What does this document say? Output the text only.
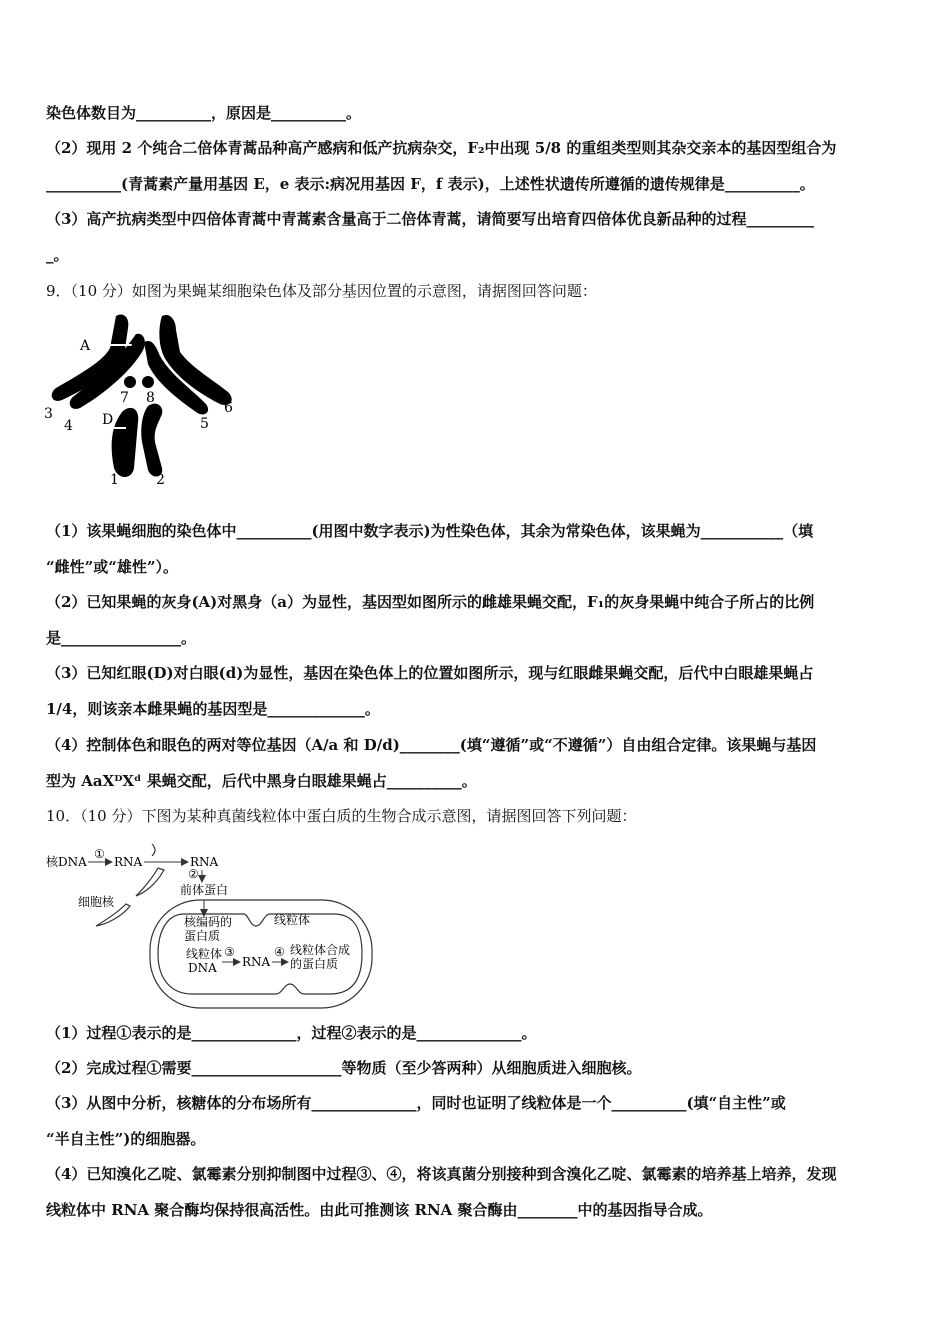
染色体数目为__________，原因是__________。
（2）现用 2 个纯合二倍体青蒿品种高产感病和低产抗病杂交，F₂中出现 5/8 的重组类型则其杂交亲本的基因型组合为
__________(青蒿素产量用基因 E，e 表示:病况用基因 F，f 表示)，上述性状遗传所遵循的遗传规律是__________。
（3）高产抗病类型中四倍体青蒿中青蒿素含量高于二倍体青蒿，请简要写出培育四倍体优良新品种的过程_________
_。
9．（10 分）如图为果蝇某细胞染色体及部分基因位置的示意图，请据图回答问题：
A	a
D
1	2
3
4	5
6
7 8
（1）该果蝇细胞的染色体中__________(用图中数字表示)为性染色体，其余为常染色体，该果蝇为___________（填
“雌性”或“雄性”）。
（2）已知果蝇的灰身(A)对黑身（a）为显性，基因型如图所示的雌雄果蝇交配，F₁的灰身果蝇中纯合子所占的比例
是________________。
（3）已知红眼(D)对白眼(d)为显性，基因在染色体上的位置如图所示，现与红眼雌果蝇交配，后代中白眼雄果蝇占
1/4，则该亲本雌果蝇的基因型是_____________。
（4）控制体色和眼色的两对等位基因（A/a 和 D/d)________(填“遵循”或“不遵循”）自由组合定律。该果蝇与基因
型为 AaXᴰXᵈ 果蝇交配，后代中黑身白眼雄果蝇占__________。
10．（10 分）下图为某种真菌线粒体中蛋白质的生物合成示意图，请据图回答下列问题：
核DNA
①
RNA	RNA
②
前体蛋白
细胞核
线粒体
核编码的
蛋白质
线粒体
DNA
③
RNA
④ 线粒体合成
的蛋白质
（1）过程①表示的是______________，过程②表示的是______________。
（2）完成过程①需要____________________等物质（至少答两种）从细胞质进入细胞核。
（3）从图中分析，核糖体的分布场所有______________，同时也证明了线粒体是一个__________(填“自主性”或
“半自主性”)的细胞器。
（4）已知溴化乙啶、氯霉素分别抑制图中过程③、④，将该真菌分别接种到含溴化乙啶、氯霉素的培养基上培养，发现
线粒体中 RNA 聚合酶均保持很高活性。由此可推测该 RNA 聚合酶由________中的基因指导合成。
